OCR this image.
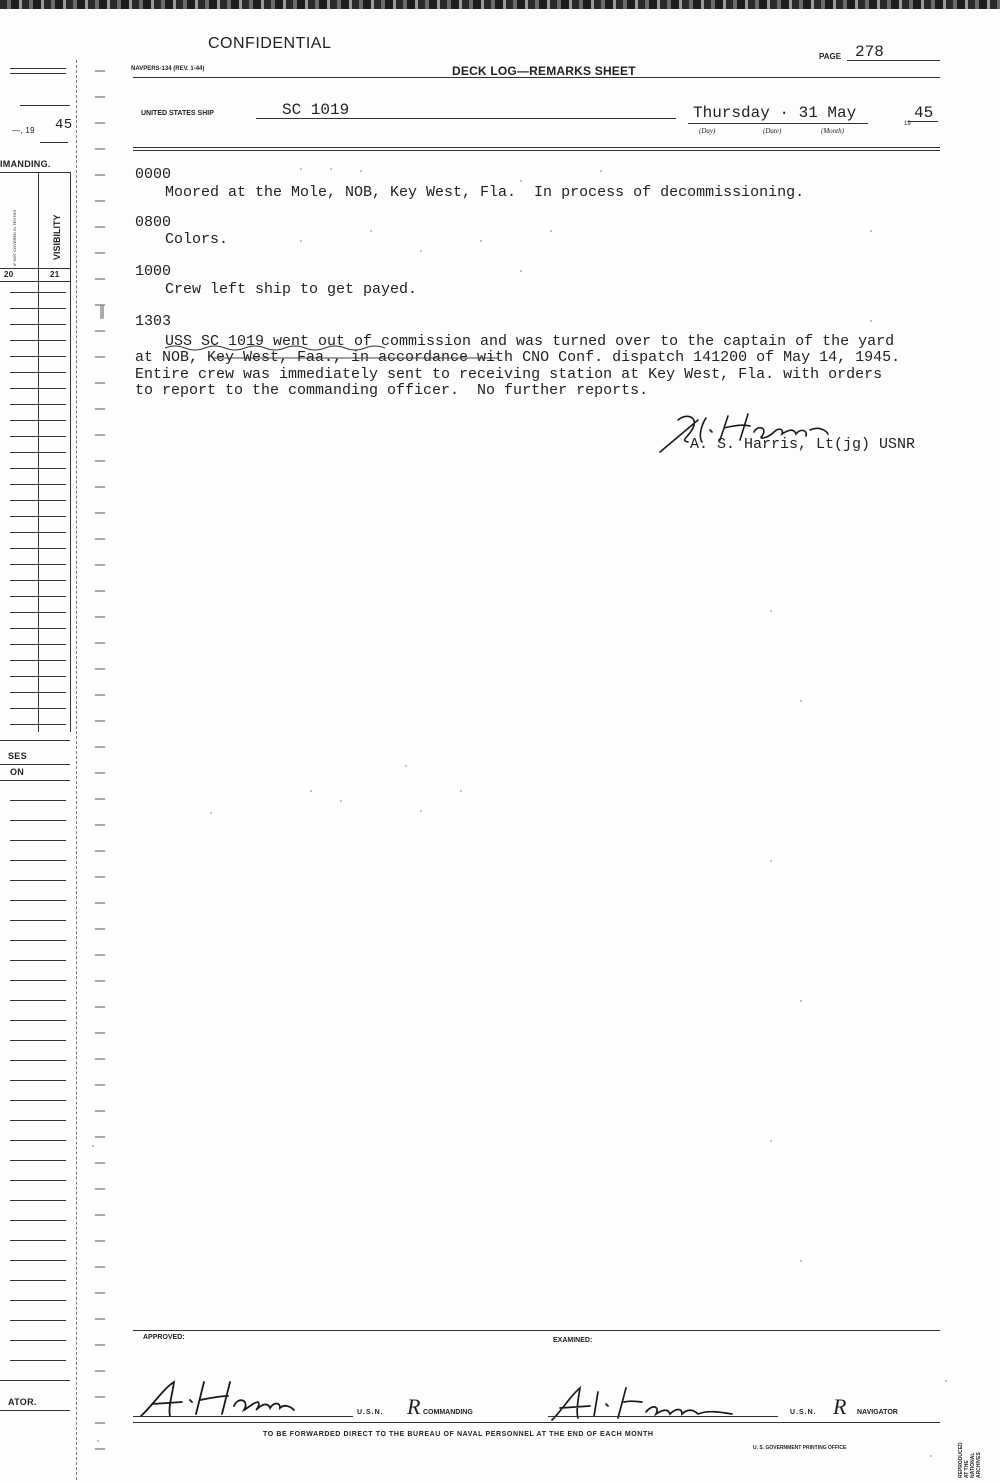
—, 19 45
IMANDING.
VISIBILITY
IF NOT COVERED IN TENTHS
20	21
SES
ON
ATOR.
CONFIDENTIAL
NAVPERS-134 (REV. 1-44)	DECK LOG—REMARKS SHEET
PAGE 278
UNITED STATES SHIP	SC 1019	Thursday · 31 May
(Day)	(Date)	(Month)
19
45
0000
Moored at the Mole, NOB, Key West, Fla.  In process of decommissioning.
0800
Colors.
1000
Crew left ship to get payed.
1303
USS SC 1019 went out of commission and was turned over to the captain of the yard
at NOB, Key West, Faa., in accordance with CNO Conf. dispatch 141200 of May 14, 1945.
Entire crew was immediately sent to receiving station at Key West, Fla. with orders
to report to the commanding officer.  No further reports.
A. S. Harris, Lt(jg) USNR
APPROVED:	EXAMINED:
U.S.N. R COMMANDING	U.S.N. R NAVIGATOR
TO BE FORWARDED DIRECT TO THE BUREAU OF NAVAL PERSONNEL AT THE END OF EACH MONTH
U. S. GOVERNMENT PRINTING OFFICE	REPRODUCED AT THE NATIONAL ARCHIVES
